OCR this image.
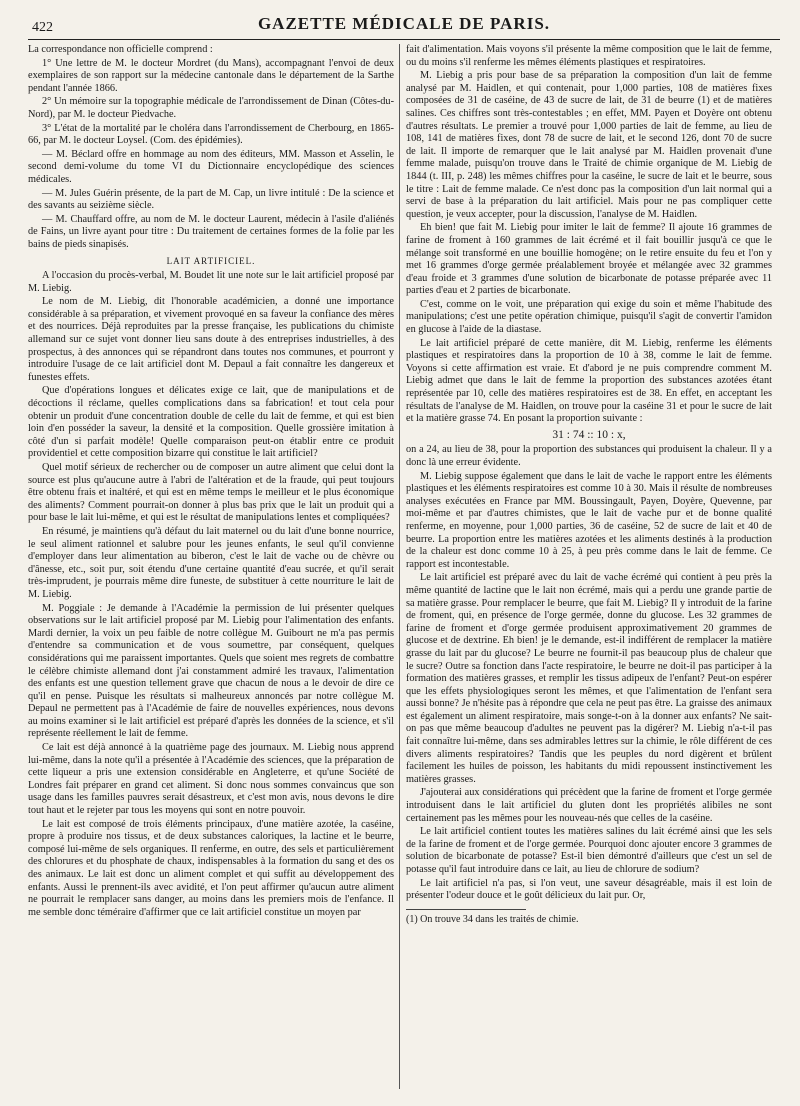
422	GAZETTE MÉDICALE DE PARIS.

La correspondance non officielle comprend :

1° Une lettre de M. le docteur Mordret (du Mans), accompagnant l'envoi de deux exemplaires de son rapport sur la médecine cantonale dans le département de la Sarthe pendant l'année 1866.

2° Un mémoire sur la topographie médicale de l'arrondissement de Dinan (Côtes-du-Nord), par M. le docteur Piedvache.

3° L'état de la mortalité par le choléra dans l'arrondissement de Cherbourg, en 1865-66, par M. le docteur Loysel. (Com. des épidémies).

— M. Béclard offre en hommage au nom des éditeurs, MM. Masson et Asselin, le second demi-volume du tome VI du Dictionnaire encyclopédique des sciences médicales.

— M. Jules Guérin présente, de la part de M. Cap, un livre intitulé : De la science et des savants au seizième siècle.

— M. Chauffard offre, au nom de M. le docteur Laurent, médecin à l'asile d'aliénés de Fains, un livre ayant pour titre : Du traitement de certaines formes de la folie par les bains de pieds sinapisés.

LAIT ARTIFICIEL.

A l'occasion du procès-verbal, M. Boudet lit une note sur le lait artificiel proposé par M. Liebig.

Le nom de M. Liebig, dit l'honorable académicien, a donné une importance considérable à sa préparation, et vivement provoqué en sa faveur la confiance des mères et des nourrices. Déjà reproduites par la presse française, les publications du chimiste allemand sur ce sujet vont donner lieu sans doute à des entreprises industrielles, à des prospectus, à des annonces qui se répandront dans toutes nos communes, et pourront y introduire l'usage de ce lait artificiel dont M. Depaul a fait connaître les dangereux et funestes effets.

Que d'opérations longues et délicates exige ce lait, que de manipulations et de décoctions il réclame, quelles complications dans sa fabrication! et tout cela pour obtenir un produit d'une concentration double de celle du lait de femme, et qui est bien loin d'en posséder la saveur, la densité et la composition. Quelle grossière imitation à côté d'un si parfait modèle! Quelle comparaison peut-on établir entre ce produit providentiel et cette composition bizarre qui constitue le lait artificiel?

Quel motif sérieux de rechercher ou de composer un autre aliment que celui dont la source est plus qu'aucune autre à l'abri de l'altération et de la fraude, qui peut toujours être obtenu frais et inaltéré, et qui est en même temps le meilleur et le plus économique des aliments? Comment pourrait-on donner à plus bas prix que le lait un produit qui a pour base le lait lui-même, et qui est le résultat de manipulations lentes et compliquées?

En résumé, je maintiens qu'à défaut du lait maternel ou du lait d'une bonne nourrice, le seul aliment rationnel et salubre pour les jeunes enfants, le seul qu'il convienne d'employer dans leur alimentation au biberon, c'est le lait de vache ou de chèvre ou d'ânesse, etc., soit pur, soit étendu d'une certaine quantité d'eau sucrée, et qu'il serait très-imprudent, je pourrais même dire funeste, de substituer à cette nourriture le lait de M. Liebig.

M. Poggiale : Je demande à l'Académie la permission de lui présenter quelques observations sur le lait artificiel proposé par M. Liebig pour l'alimentation des enfants. Mardi dernier, la voix un peu faible de notre collègue M. Guibourt ne m'a pas permis d'entendre sa communication et de vous soumettre, par conséquent, quelques considérations qui me paraissent importantes. Quels que soient mes regrets de combattre le célèbre chimiste allemand dont j'ai constamment admiré les travaux, l'alimentation des enfants est une question tellement grave que chacun de nous a le devoir de dire ce qu'il en pense. Puisque les résultats si malheureux annoncés par notre collègue M. Depaul ne permettent pas à l'Académie de faire de nouvelles expériences, nous devons au moins examiner si le lait artificiel est préparé d'après les données de la science, et s'il représente réellement le lait de femme.

Ce lait est déjà annoncé à la quatrième page des journaux. M. Liebig nous apprend lui-même, dans la note qu'il a présentée à l'Académie des sciences, que la préparation de cette liqueur a pris une extension considérable en Angleterre, et qu'une Société de Londres fait préparer en grand cet aliment. Si donc nous sommes convaincus que son usage dans les familles pauvres serait désastreux, et c'est mon avis, nous devons le dire tout haut et le rejeter par tous les moyens qui sont en notre pouvoir.

Le lait est composé de trois éléments principaux, d'une matière azotée, la caséine, propre à produire nos tissus, et de deux substances caloriques, la lactine et le beurre, composé lui-même de sels organiques. Il renferme, en outre, des sels et particulièrement des chlorures et du phosphate de chaux, indispensables à la formation du sang et des os des animaux. Le lait est donc un aliment complet et qui suffit au développement des enfants. Aussi le prennent-ils avec avidité, et l'on peut affirmer qu'aucun autre aliment ne pourrait le remplacer sans danger, au moins dans les premiers mois de l'enfance. Il me semble donc téméraire d'affirmer que ce lait artificiel constitue un moyen par

fait d'alimentation. Mais voyons s'il présente la même composition que le lait de femme, ou du moins s'il renferme les mêmes éléments plastiques et respiratoires.

M. Liebig a pris pour base de sa préparation la composition d'un lait de femme analysé par M. Haidlen, et qui contenait, pour 1,000 parties, 108 de matières fixes composées de 31 de caséine, de 43 de sucre de lait, de 31 de beurre (1) et de matières salines. Ces chiffres sont très-contestables ; en effet, MM. Payen et Doyère ont obtenu d'autres résultats. Le premier a trouvé pour 1,000 parties de lait de femme, au lieu de 108, 141 de matières fixes, dont 78 de sucre de lait, et le second 126, dont 70 de sucre de lait. Il importe de remarquer que le lait analysé par M. Haidlen provenait d'une femme malade, puisqu'on trouve dans le Traité de chimie organique de M. Liebig de 1844 (t. III, p. 248) les mêmes chiffres pour la caséine, le sucre de lait et le beurre, sous le titre : Lait de femme malade. Ce n'est donc pas la composition d'un lait normal qui a servi de base à la préparation du lait artificiel. Mais pour ne pas compliquer cette question, je veux accepter, pour la discussion, l'analyse de M. Haidlen.

Eh bien! que fait M. Liebig pour imiter le lait de femme? Il ajoute 16 grammes de farine de froment à 160 grammes de lait écrémé et il fait bouillir jusqu'à ce que le mélange soit transformé en une bouillie homogène; on le retire ensuite du feu et l'on y met 16 grammes d'orge germée préalablement broyée et mélangée avec 32 grammes d'eau froide et 3 grammes d'une solution de bicarbonate de potasse préparée avec 11 parties d'eau et 2 parties de bicarbonate.

C'est, comme on le voit, une préparation qui exige du soin et même l'habitude des manipulations; c'est une petite opération chimique, puisqu'il s'agit de convertir l'amidon en glucose à l'aide de la diastase.

Le lait artificiel préparé de cette manière, dit M. Liebig, renferme les éléments plastiques et respiratoires dans la proportion de 10 à 38, comme le lait de femme. Voyons si cette affirmation est vraie. Et d'abord je ne puis comprendre comment M. Liebig admet que dans le lait de femme la proportion des substances azotées étant représentée par 10, celle des matières respiratoires est de 38. En effet, en acceptant les résultats de l'analyse de M. Haidlen, on trouve pour la caséine 31 et pour le sucre de lait et la matière grasse 74. En posant la proportion suivante :

31 : 74 :: 10 : x,

on a 24, au lieu de 38, pour la proportion des substances qui produisent la chaleur. Il y a donc là une erreur évidente.

M. Liebig suppose également que dans le lait de vache le rapport entre les éléments plastiques et les éléments respiratoires est comme 10 à 30. Mais il résulte de nombreuses analyses exécutées en France par MM. Boussingault, Payen, Doyère, Quevenne, par moi-même et par d'autres chimistes, que le lait de vache pur et de bonne qualité renferme, en moyenne, pour 1,000 parties, 36 de caséine, 52 de sucre de lait et 40 de beurre. La proportion entre les matières azotées et les aliments destinés à la production de la chaleur est donc comme 10 à 25, à peu près comme dans le lait de femme. Ce rapport est incontestable.

Le lait artificiel est préparé avec du lait de vache écrémé qui contient à peu près la même quantité de lactine que le lait non écrémé, mais qui a perdu une grande partie de sa matière grasse. Pour remplacer le beurre, que fait M. Liebig? Il y introduit de la farine de froment, qui, en présence de l'orge germée, donne du glucose. Les 32 grammes de farine de froment et d'orge germée produisent approximativement 20 grammes de glucose et de dextrine. Eh bien! je le demande, est-il indifférent de remplacer la matière grasse du lait par du glucose? Le beurre ne fournit-il pas beaucoup plus de chaleur que le sucre? Outre sa fonction dans l'acte respiratoire, le beurre ne doit-il pas participer à la formation des matières grasses, et remplir les tissus adipeux de l'enfant? Peut-on espérer que les effets physiologiques seront les mêmes, et que l'alimentation de l'enfant sera aussi bonne? Je n'hésite pas à répondre que cela ne peut pas être. La graisse des animaux est également un aliment respiratoire, mais songe-t-on à la donner aux enfants? Ne sait-on pas que même beaucoup d'adultes ne peuvent pas la digérer? M. Liebig n'a-t-il pas fait connaître lui-même, dans ses admirables lettres sur la chimie, le rôle différent de ces divers aliments respiratoires? Tandis que les peuples du nord digèrent et brûlent facilement les huiles de poisson, les habitants du midi repoussent instinctivement les matières grasses.

J'ajouterai aux considérations qui précèdent que la farine de froment et l'orge germée introduisent dans le lait artificiel du gluten dont les propriétés alibiles ne sont certainement pas les mêmes pour les nouveau-nés que celles de la caséine.

Le lait artificiel contient toutes les matières salines du lait écrémé ainsi que les sels de la farine de froment et de l'orge germée. Pourquoi donc ajouter encore 3 grammes de solution de bicarbonate de potasse? Est-il bien démontré d'ailleurs que c'est un sel de potasse qu'il faut introduire dans ce lait, au lieu de chlorure de sodium?

Le lait artificiel n'a pas, si l'on veut, une saveur désagréable, mais il est loin de présenter l'odeur douce et le goût délicieux du lait pur. Or,

(1) On trouve 34 dans les traités de chimie.
